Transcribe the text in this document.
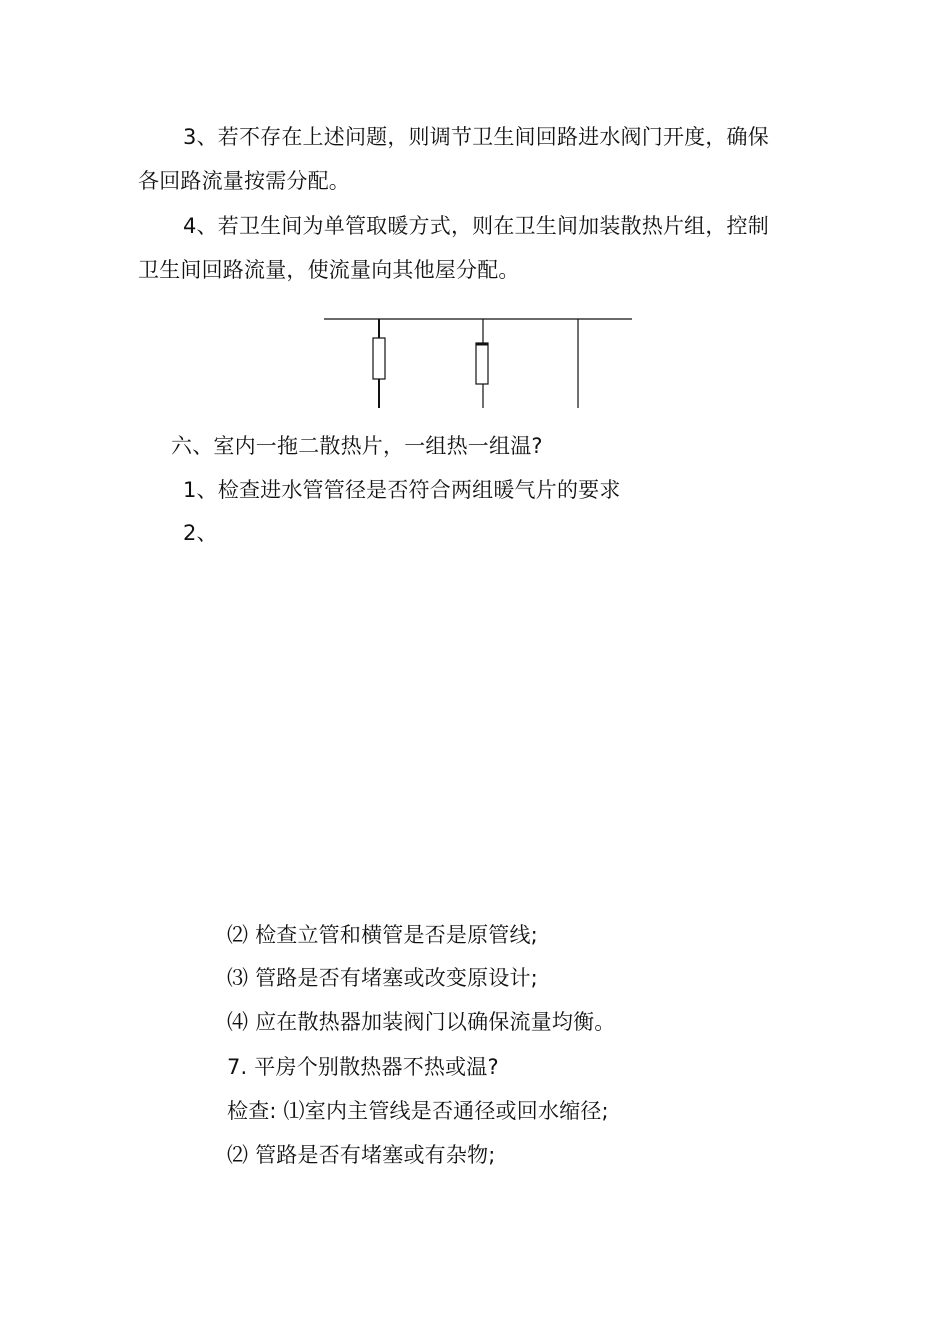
3、若不存在上述问题，则调节卫生间回路进水阀门开度，确保
各回路流量按需分配。
4、若卫生间为单管取暖方式，则在卫生间加装散热片组，控制
卫生间回路流量，使流量向其他屋分配。
六、室内一拖二散热片，一组热一组温?
1、检查进水管管径是否符合两组暖气片的要求
2、
⑵ 检查立管和横管是否是原管线;
⑶ 管路是否有堵塞或改变原设计;
⑷ 应在散热器加装阀门以确保流量均衡。
7. 平房个别散热器不热或温?
检查: ⑴室内主管线是否通径或回水缩径;
⑵ 管路是否有堵塞或有杂物;
